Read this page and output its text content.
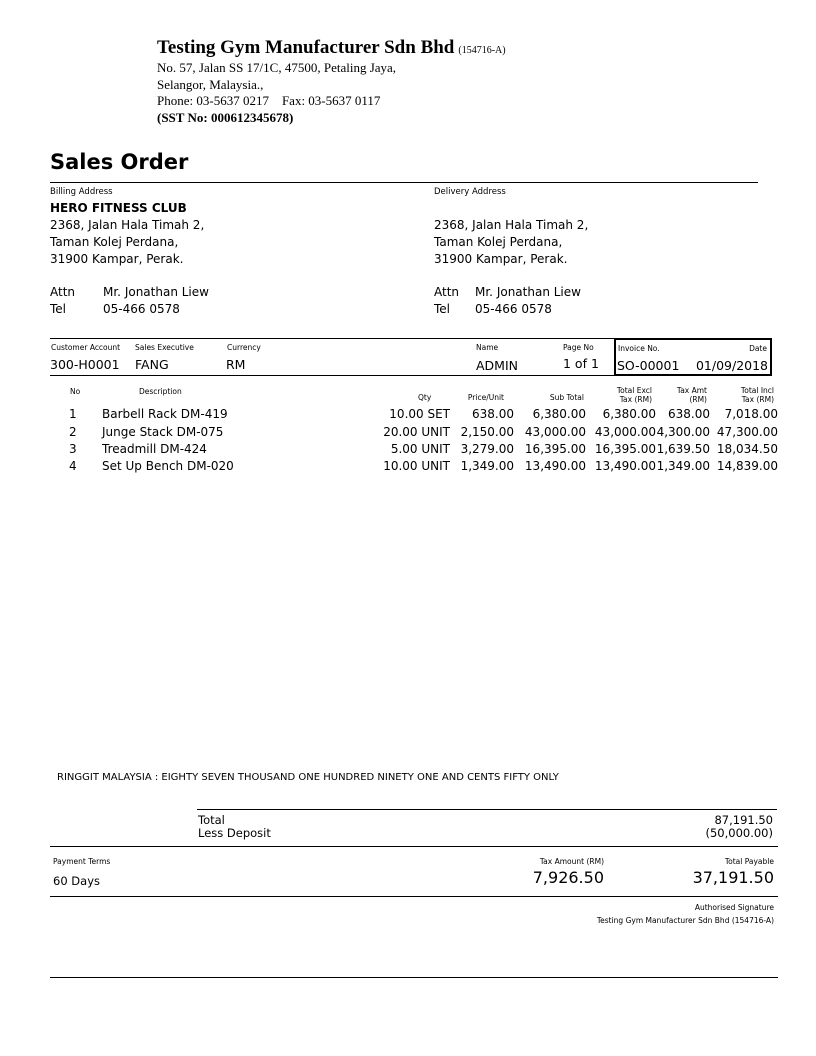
Testing Gym Manufacturer Sdn Bhd (154716-A)
No. 57, Jalan SS 17/1C, 47500, Petaling Jaya,
Selangor, Malaysia.,
Phone: 03-5637 0217    Fax: 03-5637 0117
(SST No: 000612345678)
Sales Order
Billing Address
HERO FITNESS CLUB
2368, Jalan Hala Timah 2,
Taman Kolej Perdana,
31900 Kampar, Perak.
Attn Mr. Jonathan Liew
Tel	05-466 0578
Delivery Address
2368, Jalan Hala Timah 2,
Taman Kolej Perdana,
31900 Kampar, Perak.
Attn Mr. Jonathan Liew
Tel 05-466 0578
Customer Account
300-H0001
Sales Executive
FANG
Currency
RM
Name
ADMIN
Page No
1 of 1
Invoice No.	Date
SO-00001 01/09/2018
No	Description
Qty	Price/Unit	Sub Total
Total Excl
Tax (RM)
Tax Amt
(RM)
Total Incl
Tax (RM)
1 Barbell Rack DM-419	10.00 SET	638.00	6,380.00	6,380.00	638.00	7,018.00
2 Junge Stack DM-075	20.00 UNIT 2,150.00 43,000.00 43,000.00 4,300.00 47,300.00
3 Treadmill DM-424	5.00 UNIT 3,279.00 16,395.00 16,395.00 1,639.50 18,034.50
4 Set Up Bench DM-020	10.00 UNIT 1,349.00 13,490.00 13,490.00 1,349.00 14,839.00
RINGGIT MALAYSIA : EIGHTY SEVEN THOUSAND ONE HUNDRED NINETY ONE AND CENTS FIFTY ONLY
Total	87,191.50
Less Deposit	(50,000.00)
Payment Terms
60 Days
Tax Amount (RM)
7,926.50
Total Payable
37,191.50
Authorised Signature
Testing Gym Manufacturer Sdn Bhd (154716-A)
